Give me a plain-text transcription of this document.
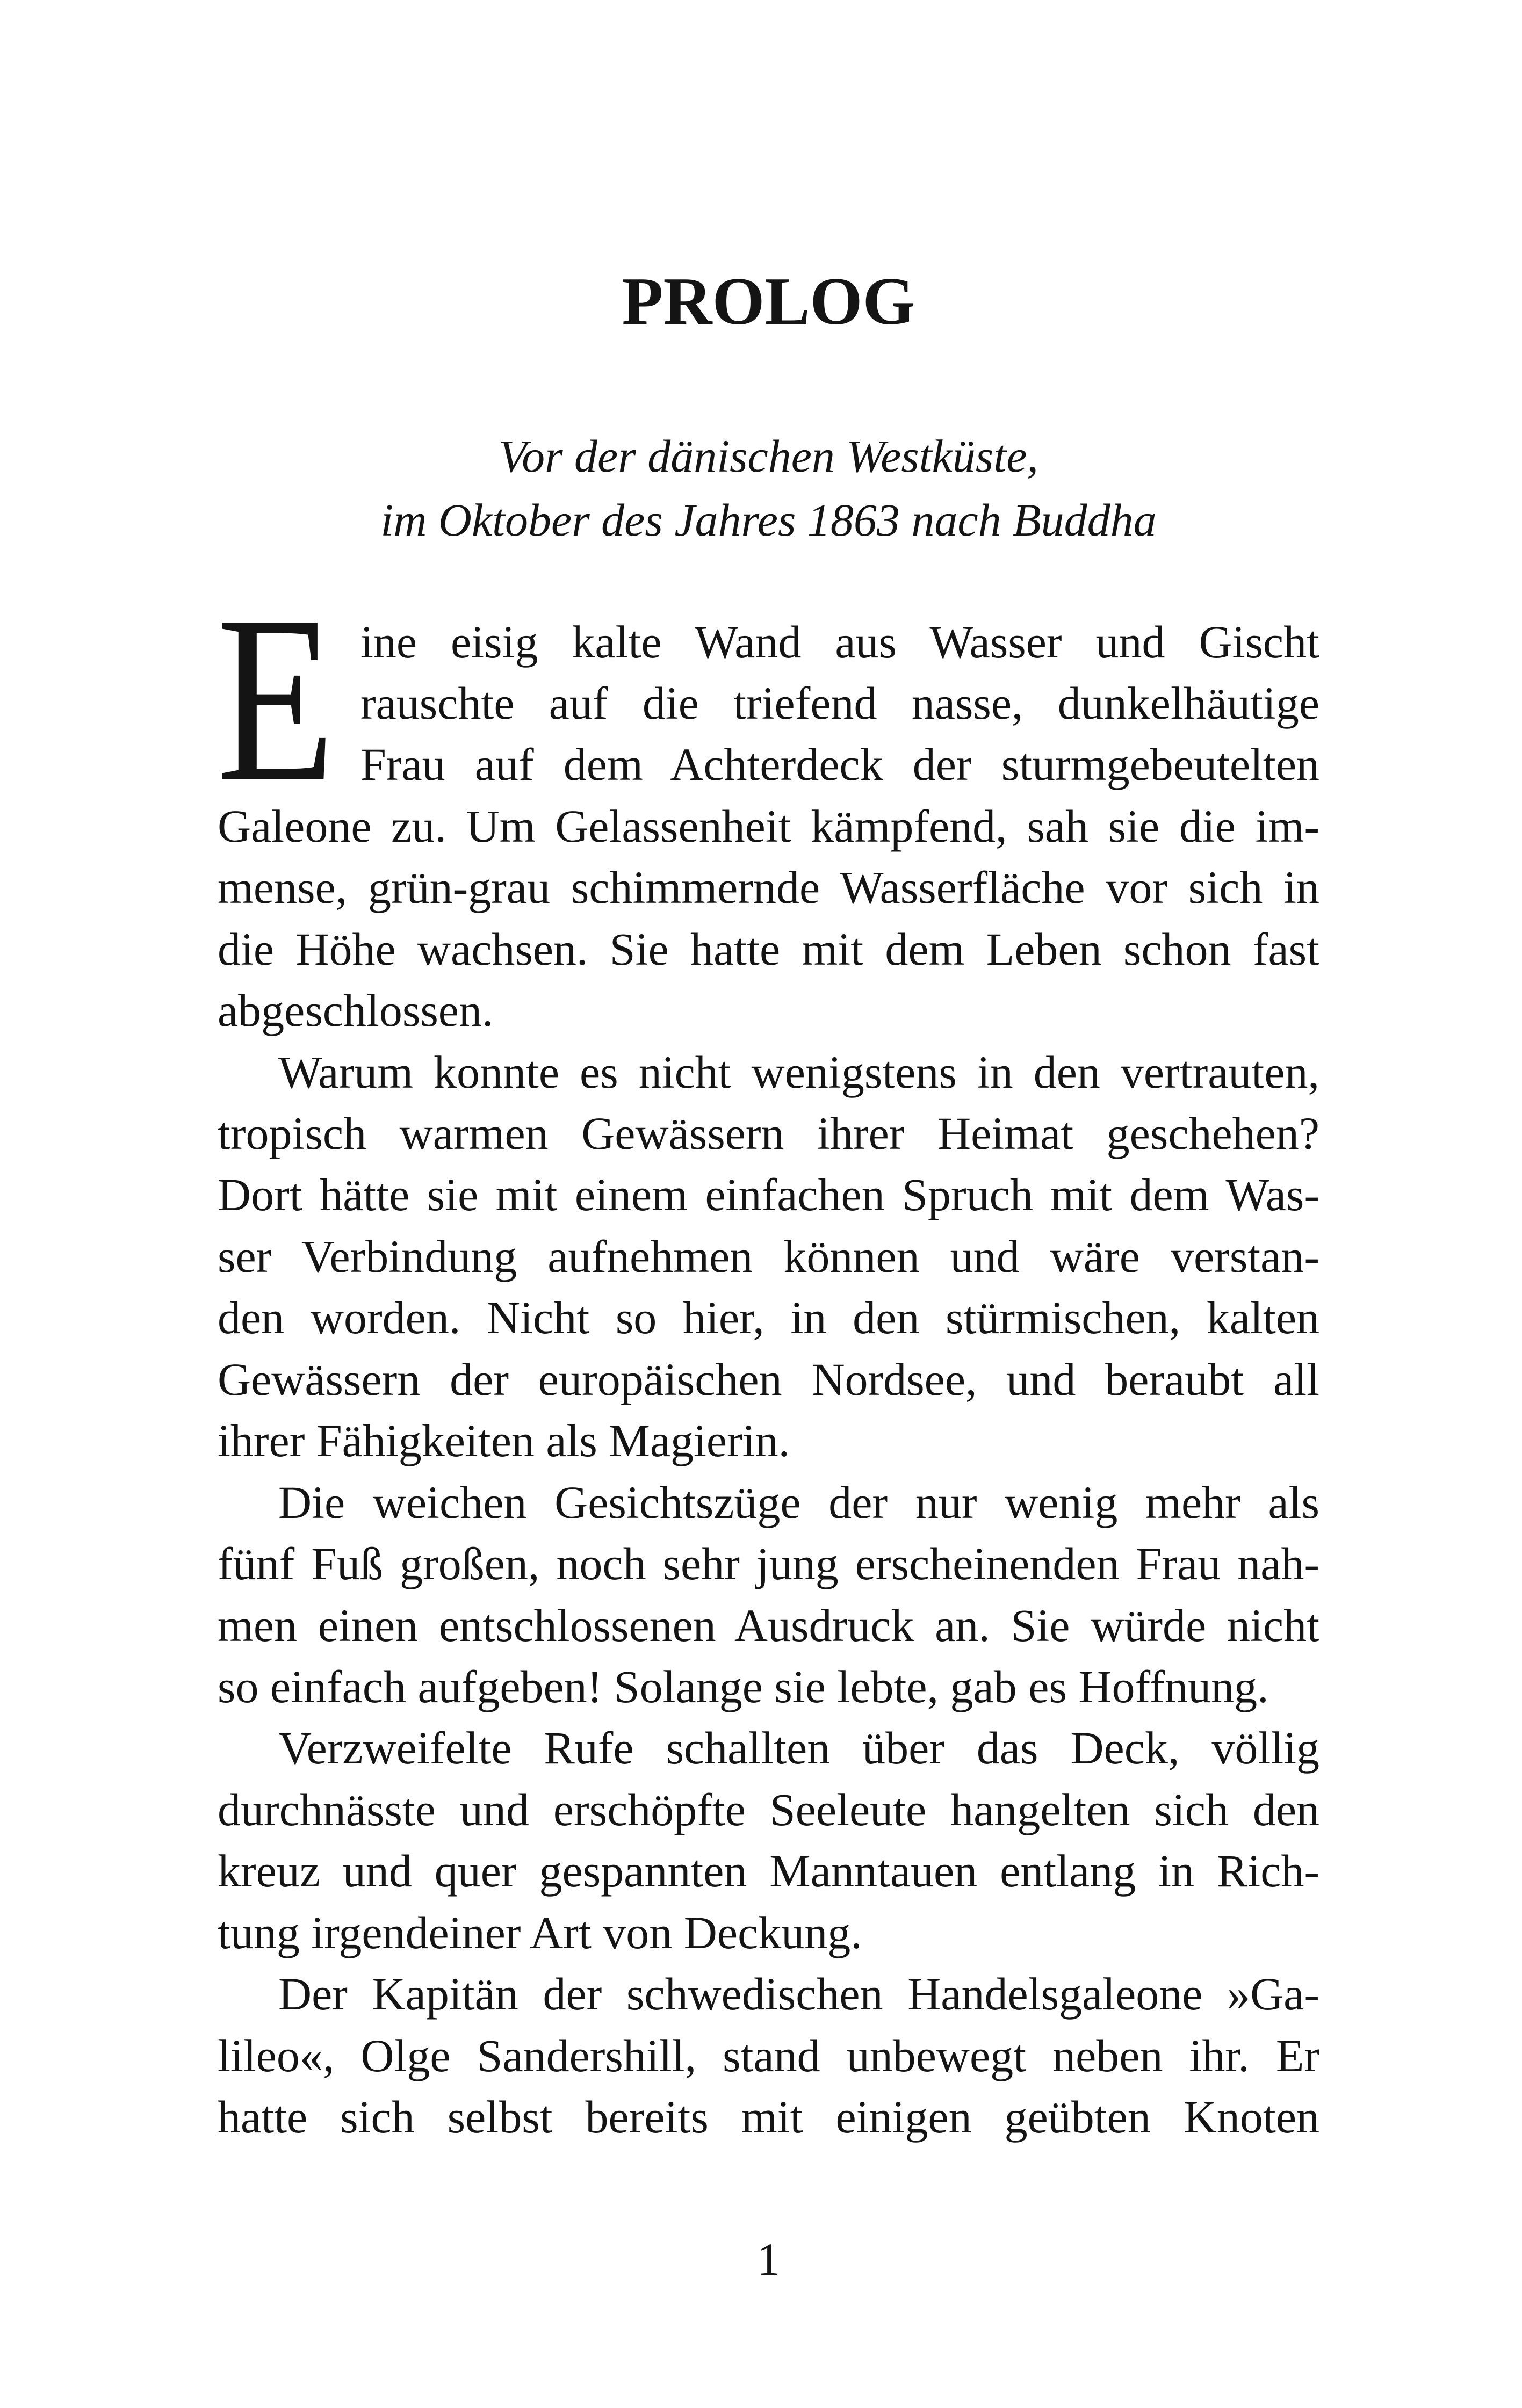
PROLOG
Vor der dänischen Westküste,
im Oktober des Jahres 1863 nach Buddha
E ine eisig kalte Wand aus Wasser und Gischt
rauschte auf die triefend nasse, dunkelhäutige
Frau auf dem Achterdeck der sturmgebeutelten
Galeone zu. Um Gelassenheit kämpfend, sah sie die im-
mense, grün-grau schimmernde Wasserfläche vor sich in
die Höhe wachsen. Sie hatte mit dem Leben schon fast
abgeschlossen.
Warum konnte es nicht wenigstens in den vertrauten,
tropisch warmen Gewässern ihrer Heimat geschehen?
Dort hätte sie mit einem einfachen Spruch mit dem Was-
ser Verbindung aufnehmen können und wäre verstan-
den worden. Nicht so hier, in den stürmischen, kalten
Gewässern der europäischen Nordsee, und beraubt all
ihrer Fähigkeiten als Magierin.
Die weichen Gesichtszüge der nur wenig mehr als
fünf Fuß großen, noch sehr jung erscheinenden Frau nah-
men einen entschlossenen Ausdruck an. Sie würde nicht
so einfach aufgeben! Solange sie lebte, gab es Hoffnung.
Verzweifelte Rufe schallten über das Deck, völlig
durchnässte und erschöpfte Seeleute hangelten sich den
kreuz und quer gespannten Manntauen entlang in Rich-
tung irgendeiner Art von Deckung.
Der Kapitän der schwedischen Handelsgaleone »Ga-
lileo«, Olge Sandershill, stand unbewegt neben ihr. Er
hatte sich selbst bereits mit einigen geübten Knoten
1
